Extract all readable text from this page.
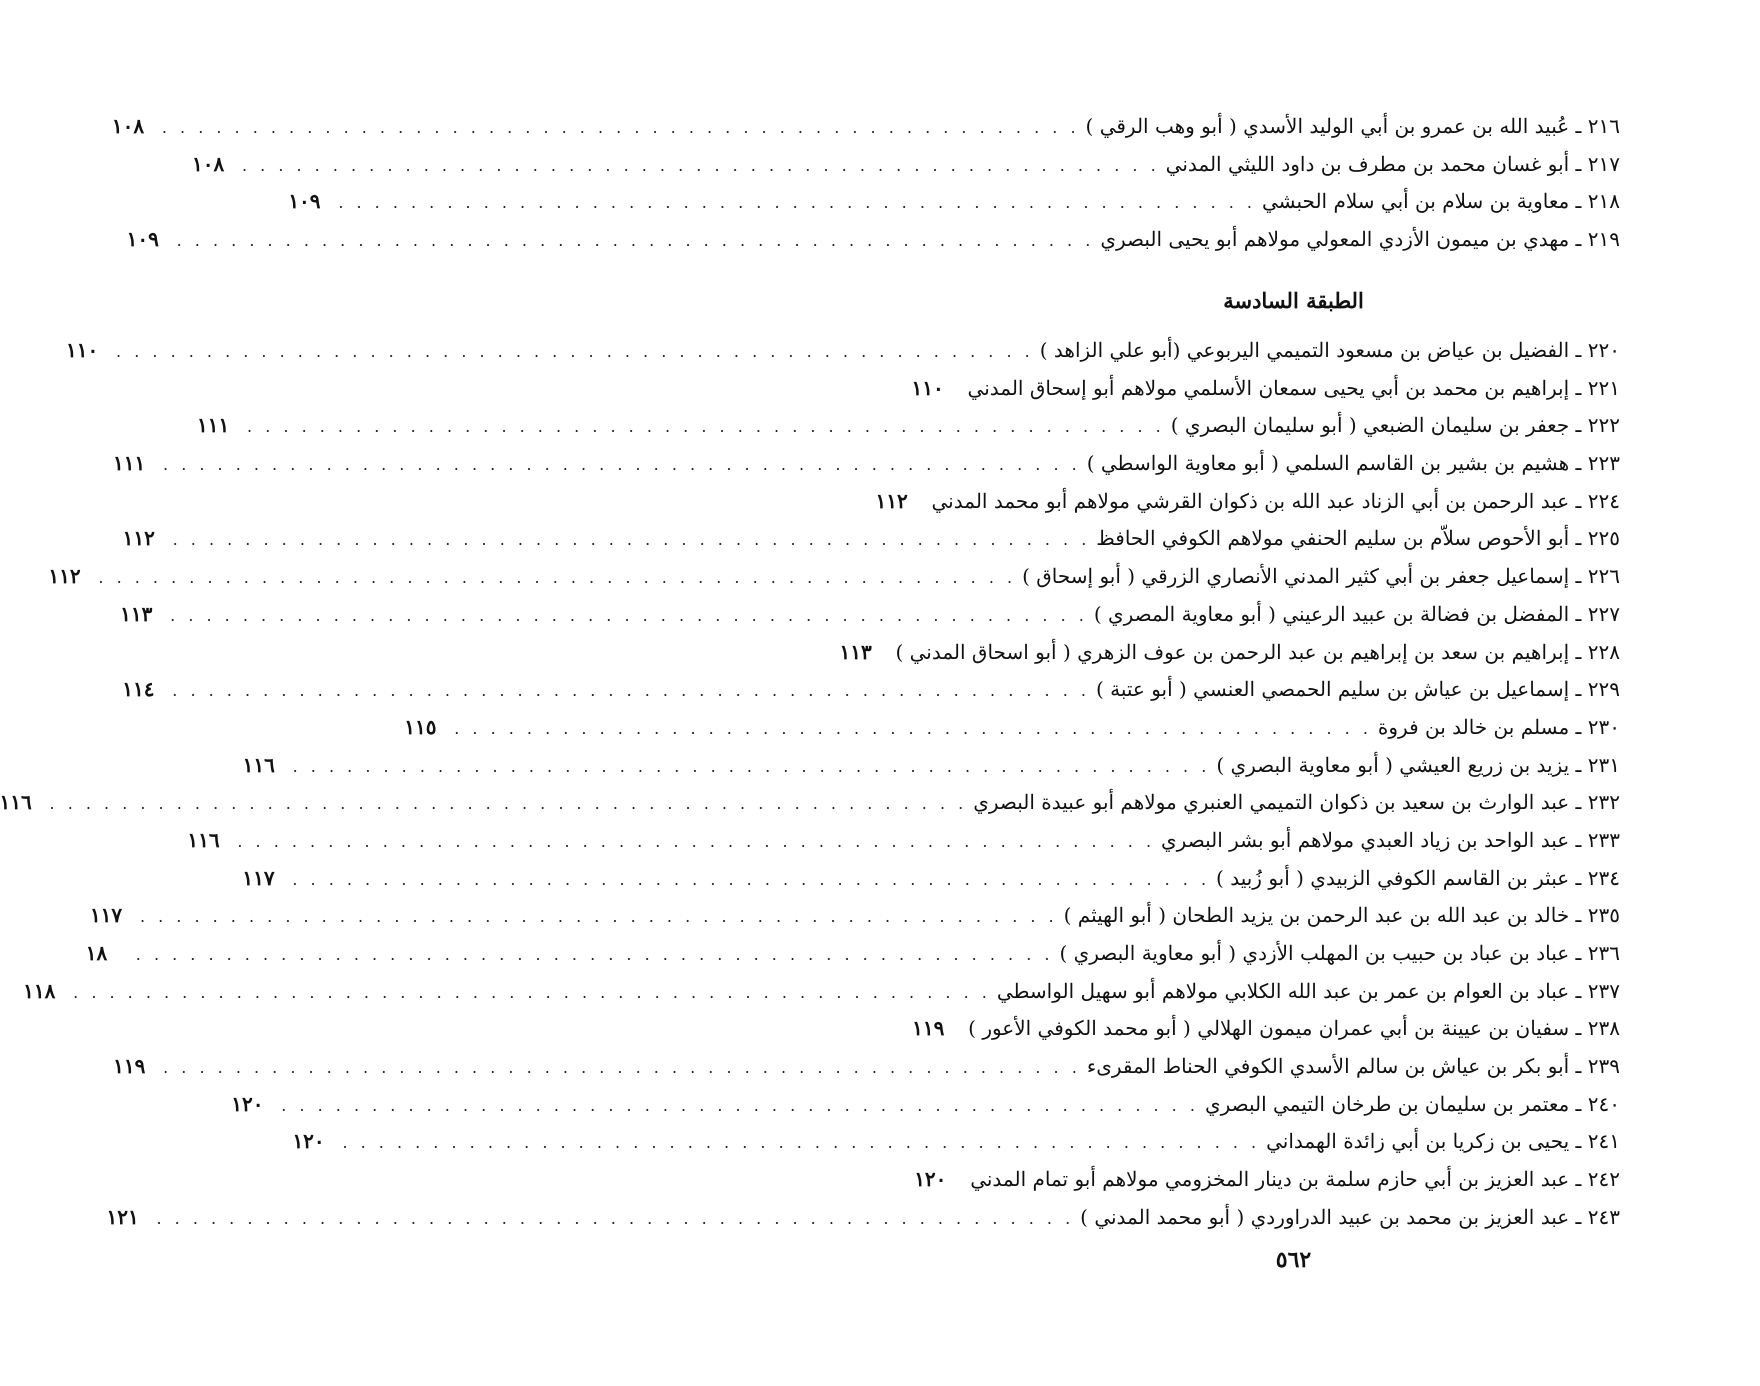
٢١٦ ـ عُبيد الله بن عمرو بن أبي الوليد الأسدي ( أبو وهب الرقي )
. . . . . . . . . . . . . . . . . . . . . . . . . . . . . . . . . . . . . . . . . . . . . . . . . . .
١٠٨
٢١٧ ـ أبو غسان محمد بن مطرف بن داود الليثي المدني
. . . . . . . . . . . . . . . . . . . . . . . . . . . . . . . . . . . . . . . . . . . . . . . . . . .
١٠٨
٢١٨ ـ معاوية بن سلام بن أبي سلام الحبشي
. . . . . . . . . . . . . . . . . . . . . . . . . . . . . . . . . . . . . . . . . . . . . . . . . . .
١٠٩
٢١٩ ـ مهدي بن ميمون الأزدي المعولي مولاهم أبو يحيى البصري
. . . . . . . . . . . . . . . . . . . . . . . . . . . . . . . . . . . . . . . . . . . . . . . . . . .
١٠٩
الطبقة السادسة
٢٢٠ ـ الفضيل بن عياض بن مسعود التميمي اليربوعي (أبو علي الزاهد )
. . . . . . . . . . . . . . . . . . . . . . . . . . . . . . . . . . . . . . . . . . . . . . . . . . .
١١٠
٢٢١ ـ إبراهيم بن محمد بن أبي يحيى سمعان الأسلمي مولاهم أبو إسحاق المدني
١١٠
٢٢٢ ـ جعفر بن سليمان الضبعي ( أبو سليمان البصري )
. . . . . . . . . . . . . . . . . . . . . . . . . . . . . . . . . . . . . . . . . . . . . . . . . . .
١١١
٢٢٣ ـ هشيم بن بشير بن القاسم السلمي ( أبو معاوية الواسطي )
. . . . . . . . . . . . . . . . . . . . . . . . . . . . . . . . . . . . . . . . . . . . . . . . . . .
١١١
٢٢٤ ـ عبد الرحمن بن أبي الزناد عبد الله بن ذكوان القرشي مولاهم أبو محمد المدني
١١٢
٢٢٥ ـ أبو الأحوص سلاّم بن سليم الحنفي مولاهم الكوفي الحافظ
. . . . . . . . . . . . . . . . . . . . . . . . . . . . . . . . . . . . . . . . . . . . . . . . . . .
١١٢
٢٢٦ ـ إسماعيل جعفر بن أبي كثير المدني الأنصاري الزرقي ( أبو إسحاق )
. . . . . . . . . . . . . . . . . . . . . . . . . . . . . . . . . . . . . . . . . . . . . . . . . . .
١١٢
٢٢٧ ـ المفضل بن فضالة بن عبيد الرعيني ( أبو معاوية المصري )
. . . . . . . . . . . . . . . . . . . . . . . . . . . . . . . . . . . . . . . . . . . . . . . . . . .
١١٣
٢٢٨ ـ إبراهيم بن سعد بن إبراهيم بن عبد الرحمن بن عوف الزهري ( أبو اسحاق المدني )
١١٣
٢٢٩ ـ إسماعيل بن عياش بن سليم الحمصي العنسي ( أبو عتبة )
. . . . . . . . . . . . . . . . . . . . . . . . . . . . . . . . . . . . . . . . . . . . . . . . . . .
١١٤
٢٣٠ ـ مسلم بن خالد بن فروة
. . . . . . . . . . . . . . . . . . . . . . . . . . . . . . . . . . . . . . . . . . . . . . . . . . .
١١٥
٢٣١ ـ يزيد بن زريع العيشي ( أبو معاوية البصري )
. . . . . . . . . . . . . . . . . . . . . . . . . . . . . . . . . . . . . . . . . . . . . . . . . . .
١١٦
٢٣٢ ـ عبد الوارث بن سعيد بن ذكوان التميمي العنبري مولاهم أبو عبيدة البصري
. . . . . . . . . . . . . . . . . . . . . . . . . . . . . . . . . . . . . . . . . . . . . . . . . . .
١١٦
٢٣٣ ـ عبد الواحد بن زياد العبدي مولاهم أبو بشر البصري
. . . . . . . . . . . . . . . . . . . . . . . . . . . . . . . . . . . . . . . . . . . . . . . . . . .
١١٦
٢٣٤ ـ عبثر بن القاسم الكوفي الزبيدي ( أبو زُبيد )
. . . . . . . . . . . . . . . . . . . . . . . . . . . . . . . . . . . . . . . . . . . . . . . . . . .
١١٧
٢٣٥ ـ خالد بن عبد الله بن عبد الرحمن بن يزيد الطحان ( أبو الهيثم )
. . . . . . . . . . . . . . . . . . . . . . . . . . . . . . . . . . . . . . . . . . . . . . . . . . .
١١٧
٢٣٦ ـ عباد بن عباد بن حبيب بن المهلب الأزدي ( أبو معاوية البصري )
. . . . . . . . . . . . . . . . . . . . . . . . . . . . . . . . . . . . . . . . . . . . . . . . . . .
١٨
٢٣٧ ـ عباد بن العوام بن عمر بن عبد الله الكلابي مولاهم أبو سهيل الواسطي
. . . . . . . . . . . . . . . . . . . . . . . . . . . . . . . . . . . . . . . . . . . . . . . . . . .
١١٨
٢٣٨ ـ سفيان بن عيينة بن أبي عمران ميمون الهلالي ( أبو محمد الكوفي الأعور )
١١٩
٢٣٩ ـ أبو بكر بن عياش بن سالم الأسدي الكوفي الحناط المقرىء
. . . . . . . . . . . . . . . . . . . . . . . . . . . . . . . . . . . . . . . . . . . . . . . . . . .
١١٩
٢٤٠ ـ معتمر بن سليمان بن طرخان التيمي البصري
. . . . . . . . . . . . . . . . . . . . . . . . . . . . . . . . . . . . . . . . . . . . . . . . . . .
١٢٠
٢٤١ ـ يحيى بن زكريا بن أبي زائدة الهمداني
. . . . . . . . . . . . . . . . . . . . . . . . . . . . . . . . . . . . . . . . . . . . . . . . . . .
١٢٠
٢٤٢ ـ عبد العزيز بن أبي حازم سلمة بن دينار المخزومي مولاهم أبو تمام المدني
١٢٠
٢٤٣ ـ عبد العزيز بن محمد بن عبيد الدراوردي ( أبو محمد المدني )
. . . . . . . . . . . . . . . . . . . . . . . . . . . . . . . . . . . . . . . . . . . . . . . . . . .
١٢١
٥٦٢
